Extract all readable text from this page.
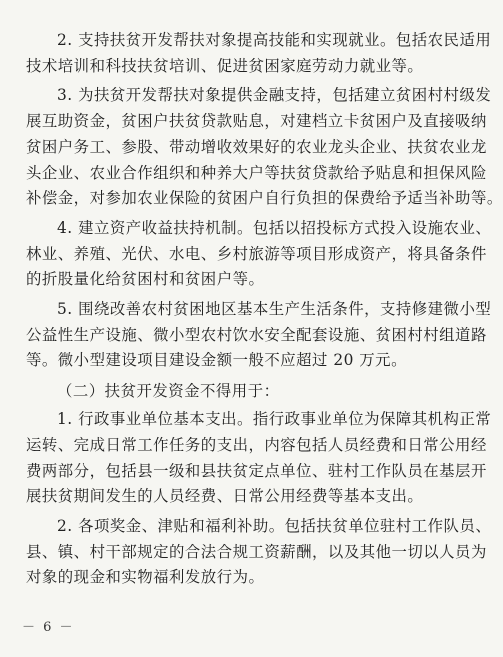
2. 支持扶贫开发帮扶对象提高技能和实现就业。包括农民适用
技术培训和科技扶贫培训、促进贫困家庭劳动力就业等。
3. 为扶贫开发帮扶对象提供金融支持，包括建立贫困村村级发
展互助资金，贫困户扶贫贷款贴息，对建档立卡贫困户及直接吸纳
贫困户务工、参股、带动增收效果好的农业龙头企业、扶贫农业龙
头企业、农业合作组织和种养大户等扶贫贷款给予贴息和担保风险
补偿金，对参加农业保险的贫困户自行负担的保费给予适当补助等。
4. 建立资产收益扶持机制。包括以招投标方式投入设施农业、
林业、养殖、光伏、水电、乡村旅游等项目形成资产，将具备条件
的折股量化给贫困村和贫困户等。
5. 围绕改善农村贫困地区基本生产生活条件，支持修建微小型
公益性生产设施、微小型农村饮水安全配套设施、贫困村村组道路
等。微小型建设项目建设金额一般不应超过 20 万元。
（二）扶贫开发资金不得用于：
1. 行政事业单位基本支出。指行政事业单位为保障其机构正常
运转、完成日常工作任务的支出，内容包括人员经费和日常公用经
费两部分，包括县一级和县扶贫定点单位、驻村工作队员在基层开
展扶贫期间发生的人员经费、日常公用经费等基本支出。
2. 各项奖金、津贴和福利补助。包括扶贫单位驻村工作队员、
县、镇、村干部规定的合法合规工资薪酬，以及其他一切以人员为
对象的现金和实物福利发放行为。
－ 6 －
